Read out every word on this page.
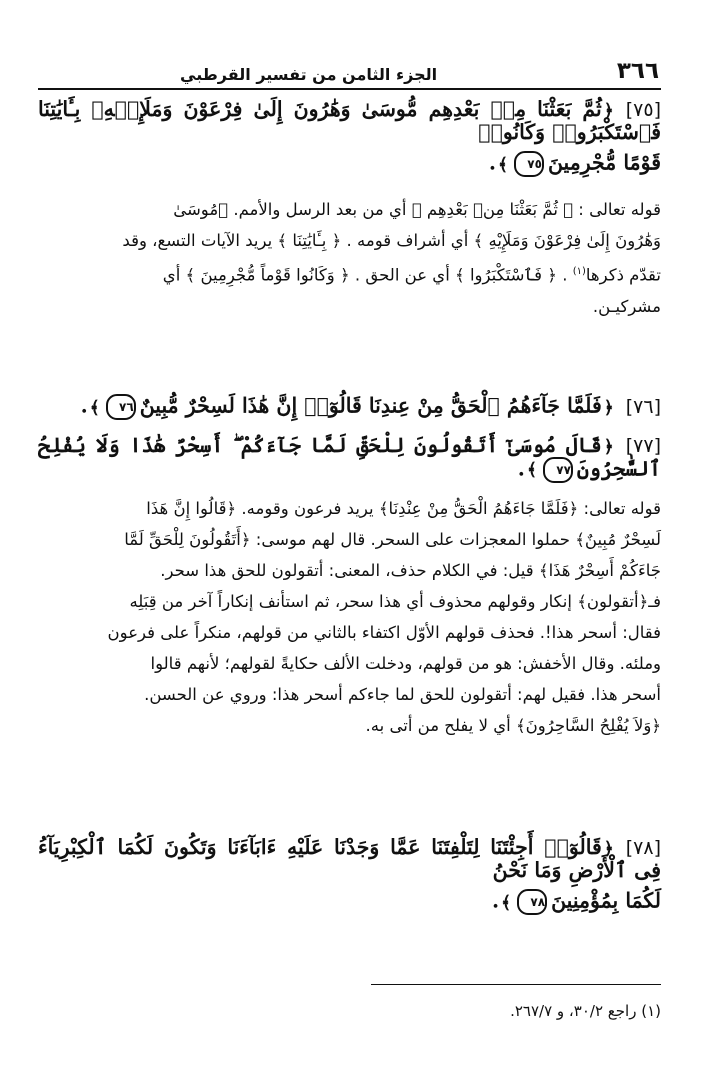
٣٦٦
الجزء الثامن من تفسير القرطبي

[٧٥]﴿ثُمَّ بَعَثْنَا مِنۢ بَعْدِهِم مُّوسَىٰ وَهَٰرُونَ إِلَىٰ فِرْعَوْنَ وَمَلَإِي۟هِۦ بِـَٔايَٰتِنَا فَٱسْتَكْبَرُوا۟ وَكَانُوا۟

قَوْمًا مُّجْرِمِينَ٧٥﴾.

قوله تعالى : ﴿ ثُمَّ بَعَثْنَا مِنۢ بَعْدِهِم ﴾ أي من بعد الرسل والأمم. ﴿مُوسَىٰ

وَهَٰرُونَ إِلَىٰ فِرْعَوْنَ وَمَلَإِيْهِ ﴾ أي أشراف قومه . ﴿ بِـَٔايَٰتِنَا ﴾ يريد الآيات التسع، وقد

تقدّم ذكرها$^{(١)}$ . ﴿ فَٱسْتَكْبَرُوا ﴾ أي عن الحق . ﴿ وَكَانُوا قَوْماً مُّجْرِمِينَ ﴾ أي

مشركيـن.

[٧٦]﴿فَلَمَّا جَآءَهُمُ ٱلْحَقُّ مِنْ عِندِنَا قَالُوٓا۟ إِنَّ هَٰذَا لَسِحْرٌ مُّبِينٌ٧٦﴾.

[٧٧]﴿قَالَ مُوسَىٰٓ أَتَقُولُونَ لِلْحَقِّ لَمَّا جَآءَكُمْ ۖ أَسِحْرٌ هَٰذَا وَلَا يُفْلِحُ ٱلسَّٰحِرُونَ٧٧﴾.

قوله تعالى: ﴿فَلَمَّا جَاءَهُمُ الْحَقُّ مِنْ عِنْدِنَا﴾ يريد فرعون وقومه. ﴿قَالُوا إِنَّ هَذَا

لَسِحْرٌ مُبِينٌ﴾ حملوا المعجزات على السحر. قال لهم موسى: ﴿أَتَقُولُونَ لِلْحَقِّ لَمَّا

جَاءَكُمْ أَسِحْرٌ هَذَا﴾ قيل: في الكلام حذف، المعنى: أتقولون للحق هذا سحر.

فـ﴿أتقولون﴾ إنكار وقولهم محذوف أي هذا سحر، ثم استأنف إنكاراً آخر من قِبَلِه

فقال: أسحر هذا!. فحذف قولهم الأوّل اكتفاء بالثاني من قولهم، منكراً على فرعون

وملئه. وقال الأخفش: هو من قولهم، ودخلت الألف حكايةً لقولهم؛ لأنهم قالوا

أسحر هذا. فقيل لهم: أتقولون للحق لما جاءكم أسحر هذا: وروي عن الحسن.

﴿وَلاَ يُفْلِحُ السَّاحِرُونَ﴾ أي لا يفلح من أتى به.

[٧٨]﴿قَالُوٓا۟ أَجِئْتَنَا لِتَلْفِتَنَا عَمَّا وَجَدْنَا عَلَيْهِ ءَابَآءَنَا وَتَكُونَ لَكُمَا ٱلْكِبْرِيَآءُ فِى ٱلْأَرْضِ وَمَا نَحْنُ

لَكُمَا بِمُؤْمِنِينَ٧٨﴾.

(١) راجع ٣٠/٢، و ٢٦٧/٧.
